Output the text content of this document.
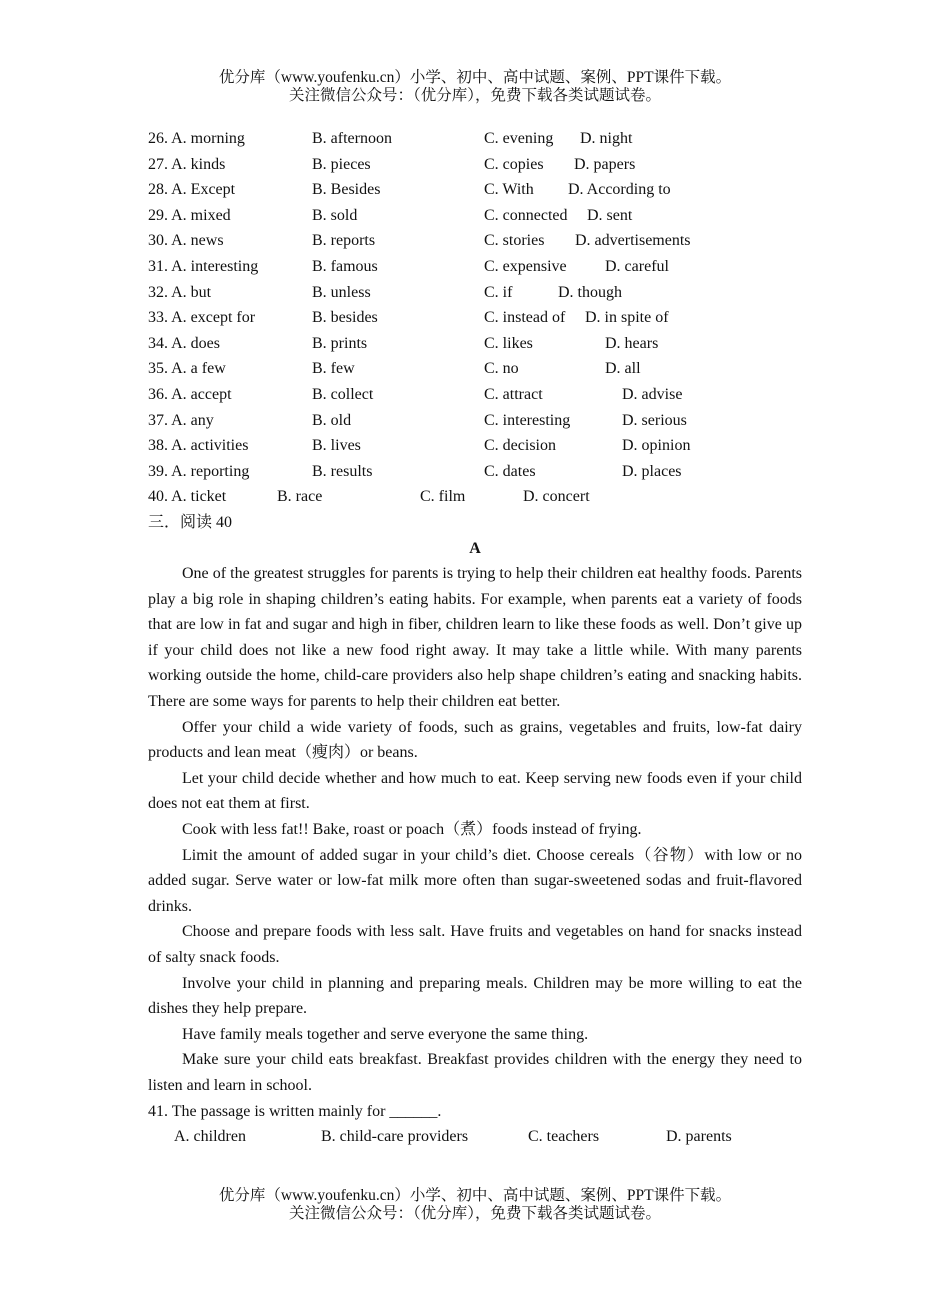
优分库（www.youfenku.cn）小学、初中、高中试题、案例、PPT课件下载。
关注微信公众号：（优分库），免费下载各类试题试卷。
26. A. morning	B. afternoon	C. evening D. night
27. A. kinds	B. pieces	C. copies D. papers
28. A. Except	B. Besides	C. With D. According to
29. A. mixed	B. sold	C. connected D. sent
30. A. news	B. reports	C. stories D. advertisements
31. A. interesting	B. famous	C. expensive D. careful
32. A. but	B. unless	C. if	D. though
33. A. except for	B. besides	C. instead of D. in spite of
34. A. does	B. prints	C. likes	D. hears
35. A. a few	B. few	C. no	D. all
36. A. accept	B. collect	C. attract	D. advise
37. A. any	B. old	C. interesting	D. serious
38. A. activities	B. lives	C. decision	D. opinion
39. A. reporting	B. results	C. dates	D. places
40. A. ticket	B. race	C. film	D. concert
三．阅读 40
A

One of the greatest struggles for parents is trying to help their children eat healthy foods. Parents play a big role in shaping children’s eating habits. For example, when parents eat a variety of foods that are low in fat and sugar and high in fiber, children learn to like these foods as well. Don’t give up if your child does not like a new food right away. It may take a little while. With many parents working outside the home, child-care providers also help shape children’s eating and snacking habits. There are some ways for parents to help their children eat better.

Offer your child a wide variety of foods, such as grains, vegetables and fruits, low-fat dairy products and lean meat（瘦肉）or beans.

Let your child decide whether and how much to eat. Keep serving new foods even if your child does not eat them at first.

Cook with less fat!! Bake, roast or poach（煮）foods instead of frying.

Limit the amount of added sugar in your child’s diet. Choose cereals（谷物）with low or no added sugar. Serve water or low-fat milk more often than sugar-sweetened sodas and fruit-flavored drinks.

Choose and prepare foods with less salt. Have fruits and vegetables on hand for snacks instead of salty snack foods.

Involve your child in planning and preparing meals. Children may be more willing to eat the dishes they help prepare.

Have family meals together and serve everyone the same thing.

Make sure your child eats breakfast. Breakfast provides children with the energy they need to listen and learn in school.

41. The passage is written mainly for ______.

A. children	B. child-care providers	C. teachers	D. parents
优分库（www.youfenku.cn）小学、初中、高中试题、案例、PPT课件下载。
关注微信公众号：（优分库），免费下载各类试题试卷。
